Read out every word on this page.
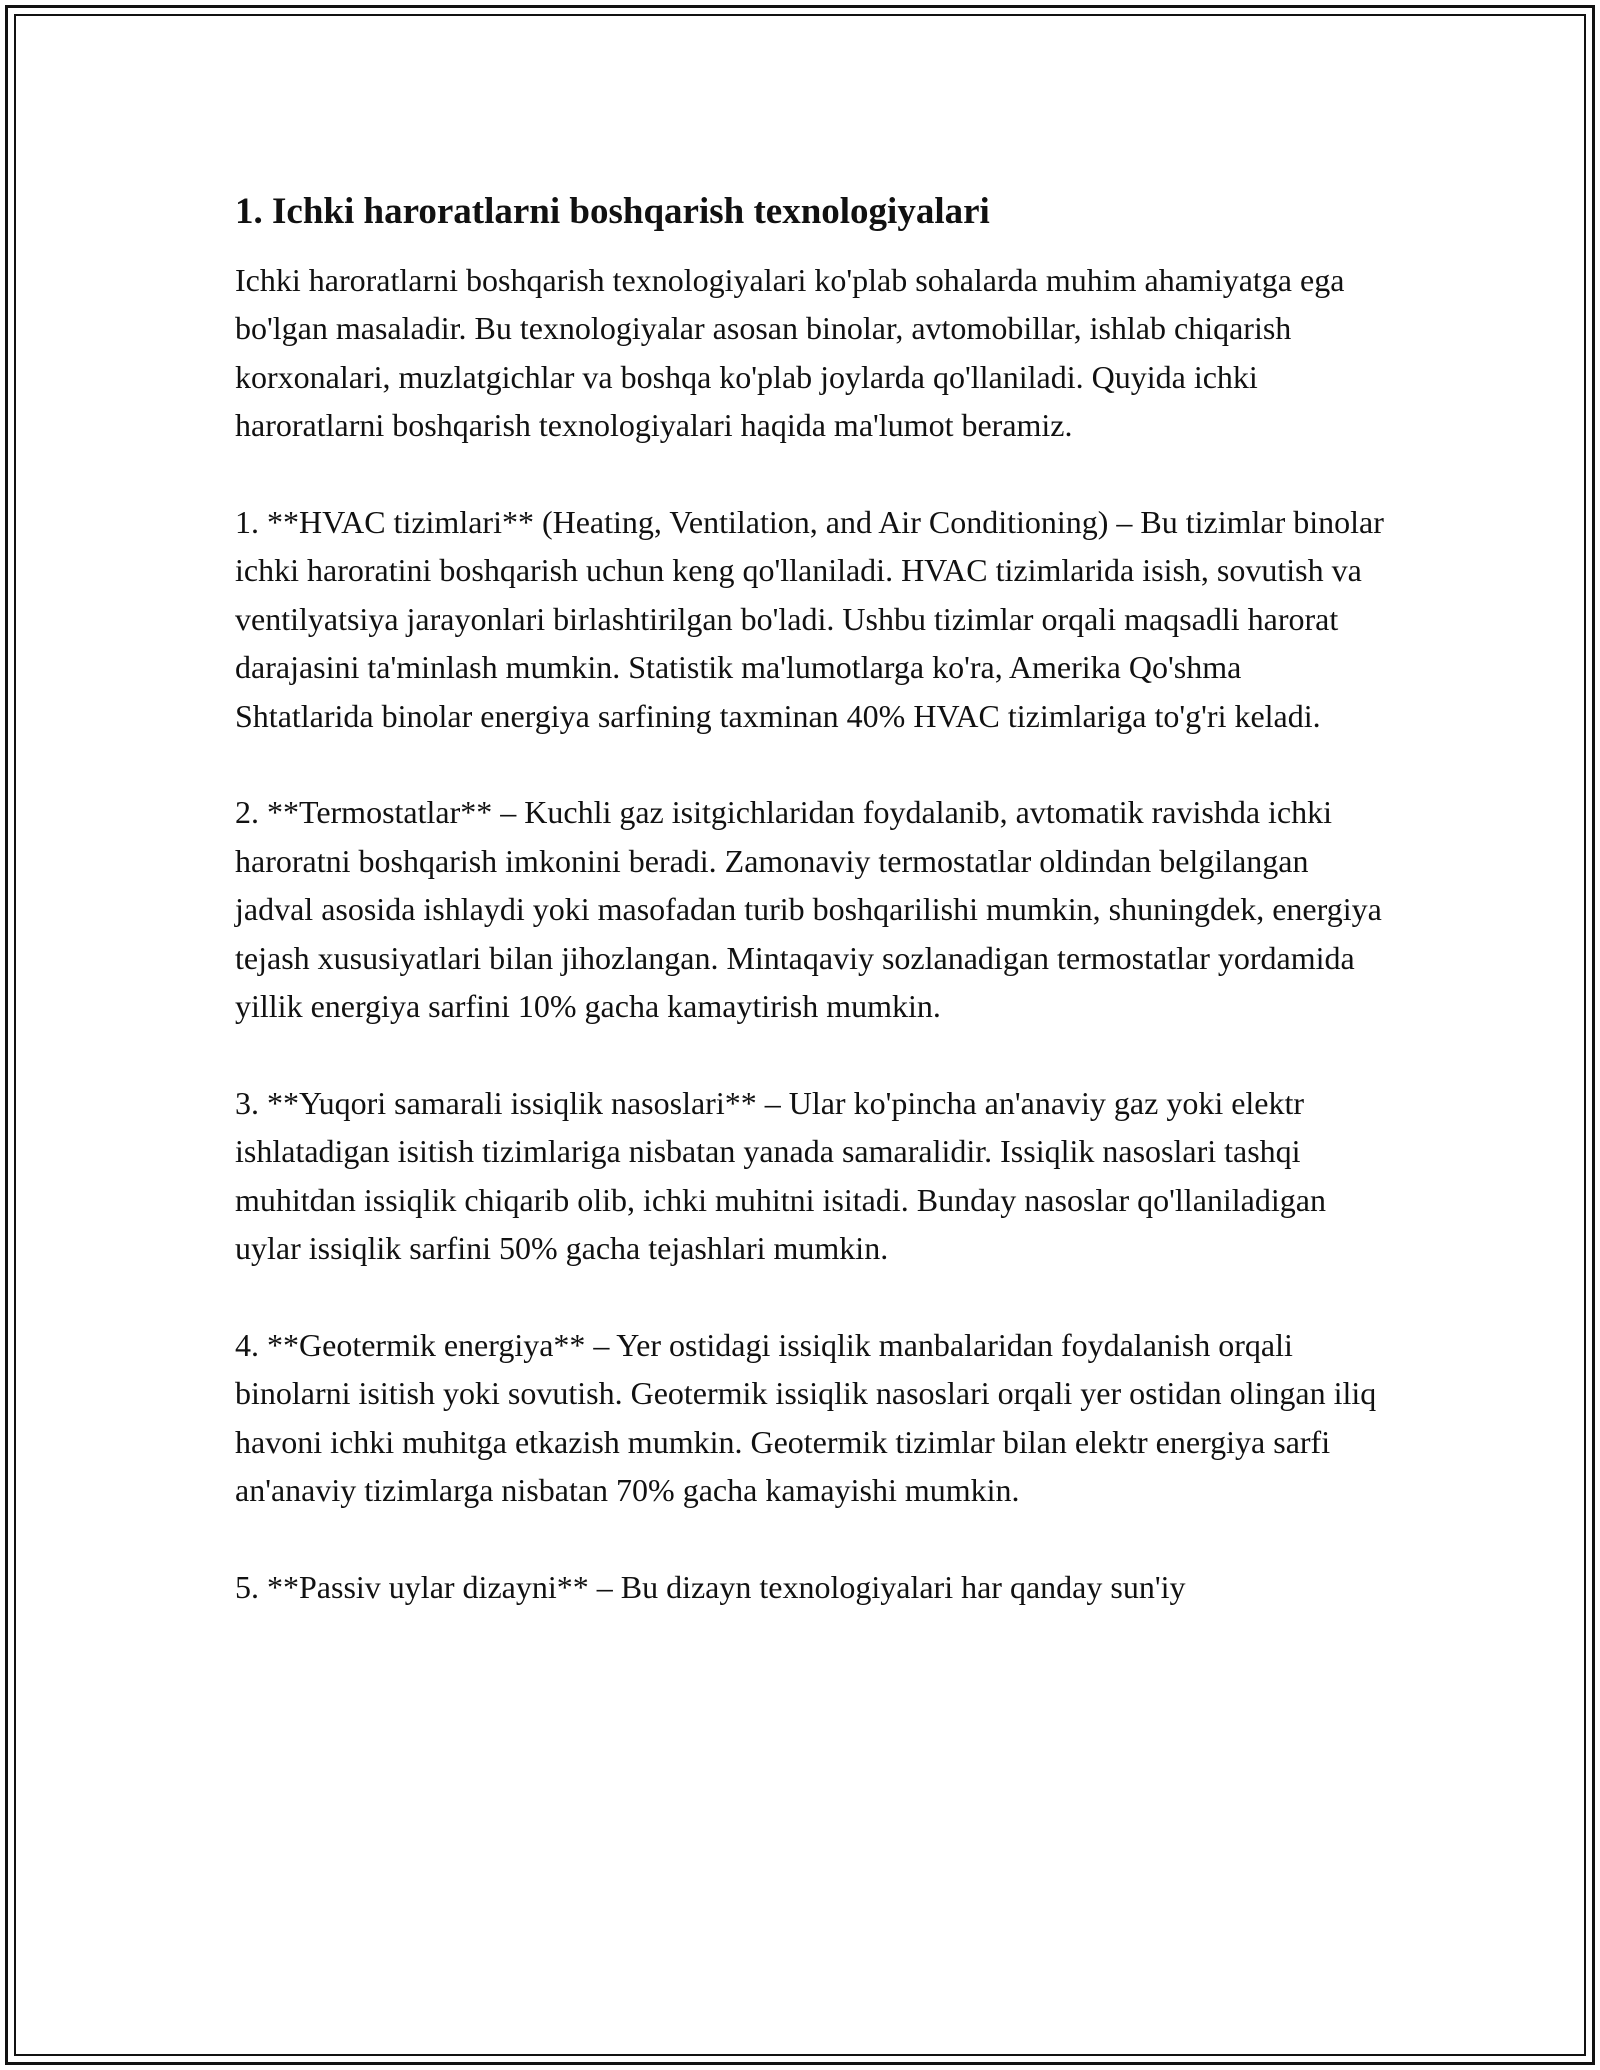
1. Ichki haroratlarni boshqarish texnologiyalari

Ichki haroratlarni boshqarish texnologiyalari ko'plab sohalarda muhim ahamiyatga ega bo'lgan masaladir. Bu texnologiyalar asosan binolar, avtomobillar, ishlab chiqarish korxonalari, muzlatgichlar va boshqa ko'plab joylarda qo'llaniladi. Quyida ichki haroratlarni boshqarish texnologiyalari haqida ma'lumot beramiz.

1. **HVAC tizimlari** (Heating, Ventilation, and Air Conditioning) – Bu tizimlar binolar ichki haroratini boshqarish uchun keng qo'llaniladi. HVAC tizimlarida isish, sovutish va ventilyatsiya jarayonlari birlashtirilgan bo'ladi. Ushbu tizimlar orqali maqsadli harorat darajasini ta'minlash mumkin. Statistik ma'lumotlarga ko'ra, Amerika Qo'shma Shtatlarida binolar energiya sarfining taxminan 40% HVAC tizimlariga to'g'ri keladi.

2. **Termostatlar** – Kuchli gaz isitgichlaridan foydalanib, avtomatik ravishda ichki haroratni boshqarish imkonini beradi. Zamonaviy termostatlar oldindan belgilangan jadval asosida ishlaydi yoki masofadan turib boshqarilishi mumkin, shuningdek, energiya tejash xususiyatlari bilan jihozlangan. Mintaqaviy sozlanadigan termostatlar yordamida yillik energiya sarfini 10% gacha kamaytirish mumkin.

3. **Yuqori samarali issiqlik nasoslari** – Ular ko'pincha an'anaviy gaz yoki elektr ishlatadigan isitish tizimlariga nisbatan yanada samaralidir. Issiqlik nasoslari tashqi muhitdan issiqlik chiqarib olib, ichki muhitni isitadi. Bunday nasoslar qo'llaniladigan uylar issiqlik sarfini 50% gacha tejashlari mumkin.

4. **Geotermik energiya** – Yer ostidagi issiqlik manbalaridan foydalanish orqali binolarni isitish yoki sovutish. Geotermik issiqlik nasoslari orqali yer ostidan olingan iliq havoni ichki muhitga etkazish mumkin. Geotermik tizimlar bilan elektr energiya sarfi an'anaviy tizimlarga nisbatan 70% gacha kamayishi mumkin.

5. **Passiv uylar dizayni** – Bu dizayn texnologiyalari har qanday sun'iy
